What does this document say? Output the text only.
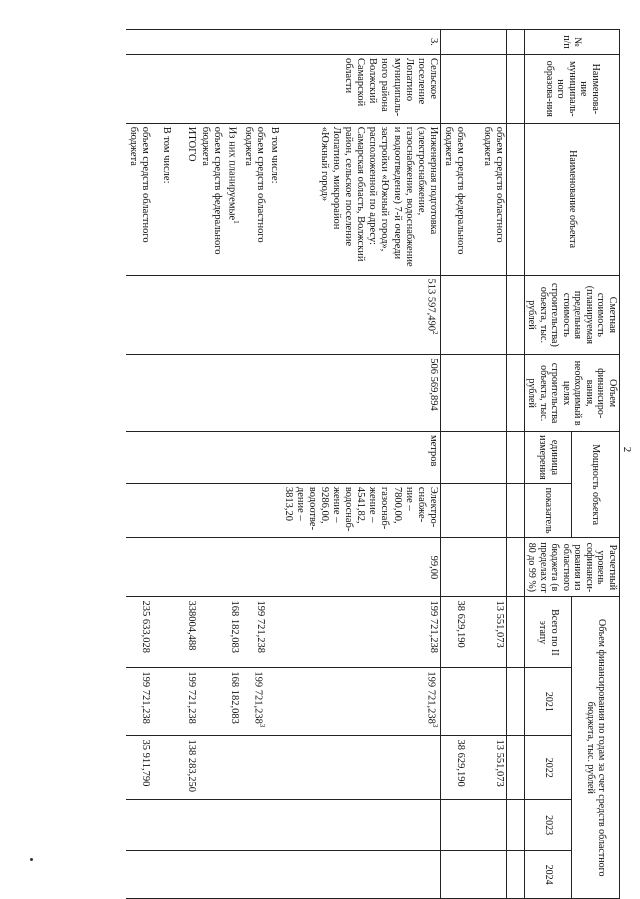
2
№ п/п	Наименова-ние муниципаль-ного образова-ния	Наименование объекта	Сметная стоимость (планируемая предельная стоимость строительства) объекта, тыс. рублей	Объем финансиро-вания, необходимый в целях строительства объекта, тыс. рублей	Мощность объекта		Расчетный уровень софинанси-рования из областного бюджета (в пределах от 80 до 99 %)	Объем финансирования по годам за счет средств областного бюджета, тыс. рублей				
					единица измерения	показатель		Всего по II этапу	2021	2022	2023	2024

		объем средств областного бюджета						13 551,073		13 551,073		
		объем средств федерального бюджета						38 629,190		38 629,190		
3.	Сельское поселение Лопатино муниципаль-ного района Волжский Самарской области	Инженерная подготовка (электроснабжение, газоснабжение, водоснабжение и водоотведение) 7-й очереди застройки «Южный город», расположенной по адресу: Самарская область, Волжский район, сельское поселение Лопатино, микрорайон «Южный город»	513 597,490$^2$	506 569,894	метров	Электро-снабже-ние – 7800,00, газоснаб-жение – 4541,82, водоснаб-жение – 9286,00, водоотве-дение – 3813,20	99,00	199 721,238	199 721,238$^3$			
		В том числе:										
		объем средств областного бюджета						199 721,238	199 721,238$^3$			
		Из них планируемые$^1$						168 182,083	168 182,083			
		объем средств федерального бюджета										
		ИТОГО						338004,488	199 721,238	138 283,250		
		В том числе:										
		объем средств областного бюджета						235 633,028	199 721,238	35 911,790		
